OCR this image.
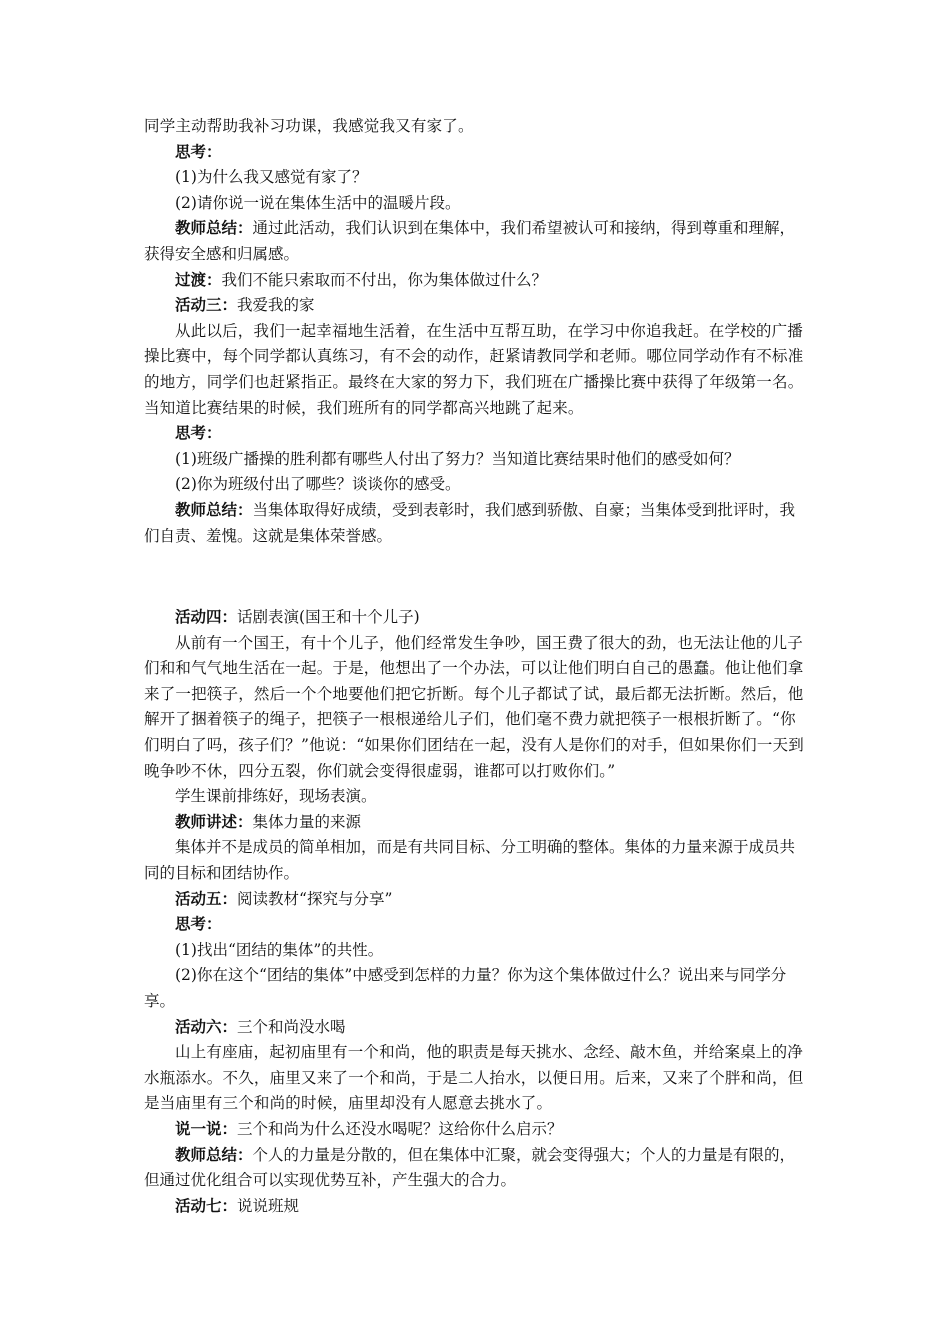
同学主动帮助我补习功课，我感觉我又有家了。

思考：

(1)为什么我又感觉有家了？

(2)请你说一说在集体生活中的温暖片段。

教师总结：通过此活动，我们认识到在集体中，我们希望被认可和接纳，得到尊重和理解，获得安全感和归属感。

过渡：我们不能只索取而不付出，你为集体做过什么？

活动三：我爱我的家

从此以后，我们一起幸福地生活着，在生活中互帮互助，在学习中你追我赶。在学校的广播操比赛中，每个同学都认真练习，有不会的动作，赶紧请教同学和老师。哪位同学动作有不标准的地方，同学们也赶紧指正。最终在大家的努力下，我们班在广播操比赛中获得了年级第一名。当知道比赛结果的时候，我们班所有的同学都高兴地跳了起来。

思考：

(1)班级广播操的胜利都有哪些人付出了努力？当知道比赛结果时他们的感受如何？

(2)你为班级付出了哪些？谈谈你的感受。

教师总结：当集体取得好成绩，受到表彰时，我们感到骄傲、自豪；当集体受到批评时，我们自责、羞愧。这就是集体荣誉感。

活动四：话剧表演(国王和十个儿子)

从前有一个国王，有十个儿子，他们经常发生争吵，国王费了很大的劲，也无法让他的儿子们和和气气地生活在一起。于是，他想出了一个办法，可以让他们明白自己的愚蠢。他让他们拿来了一把筷子，然后一个个地要他们把它折断。每个儿子都试了试，最后都无法折断。然后，他解开了捆着筷子的绳子，把筷子一根根递给儿子们，他们毫不费力就把筷子一根根折断了。“你们明白了吗，孩子们？”他说：“如果你们团结在一起，没有人是你们的对手，但如果你们一天到晚争吵不休，四分五裂，你们就会变得很虚弱，谁都可以打败你们。”

学生课前排练好，现场表演。

教师讲述：集体力量的来源

集体并不是成员的简单相加，而是有共同目标、分工明确的整体。集体的力量来源于成员共同的目标和团结协作。

活动五：阅读教材“探究与分享”

思考：

(1)找出“团结的集体”的共性。

(2)你在这个“团结的集体”中感受到怎样的力量？你为这个集体做过什么？说出来与同学分享。

活动六：三个和尚没水喝

山上有座庙，起初庙里有一个和尚，他的职责是每天挑水、念经、敲木鱼，并给案桌上的净水瓶添水。不久，庙里又来了一个和尚，于是二人抬水，以便日用。后来，又来了个胖和尚，但是当庙里有三个和尚的时候，庙里却没有人愿意去挑水了。

说一说：三个和尚为什么还没水喝呢？这给你什么启示？

教师总结：个人的力量是分散的，但在集体中汇聚，就会变得强大；个人的力量是有限的，但通过优化组合可以实现优势互补，产生强大的合力。

活动七：说说班规
